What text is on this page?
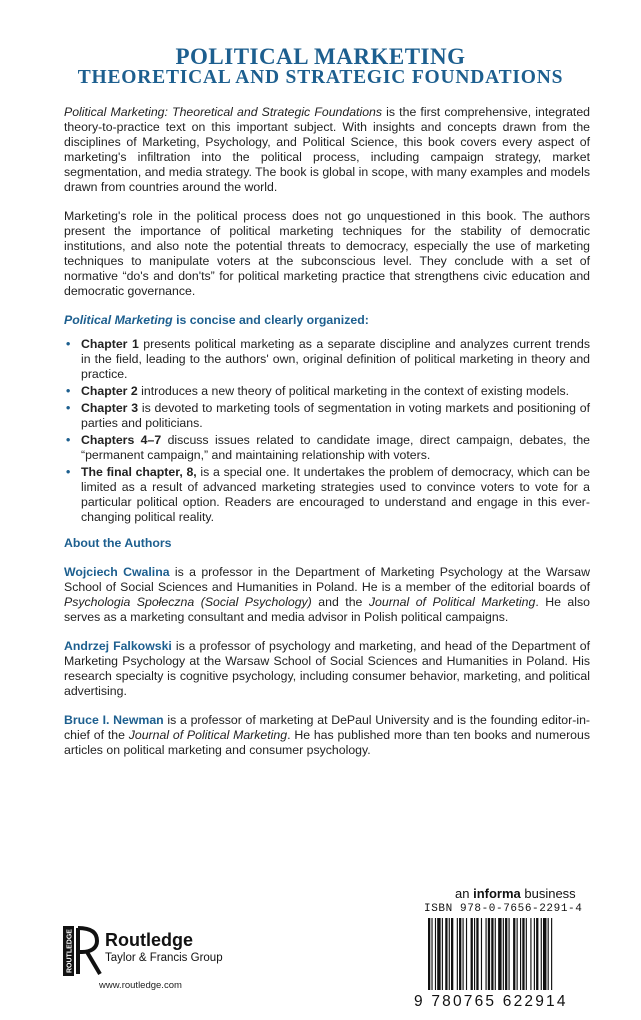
POLITICAL MARKETING
THEORETICAL AND STRATEGIC FOUNDATIONS

Political Marketing: Theoretical and Strategic Foundations is the first comprehensive, integrated theory-to-practice text on this important subject. With insights and concepts drawn from the disciplines of Marketing, Psychology, and Political Science, this book covers every aspect of marketing's infiltration into the political process, including campaign strategy, market segmentation, and media strategy. The book is global in scope, with many examples and models drawn from countries around the world.

Marketing's role in the political process does not go unquestioned in this book. The authors present the importance of political marketing techniques for the stability of democratic institutions, and also note the potential threats to democracy, especially the use of marketing techniques to manipulate voters at the subconscious level. They conclude with a set of normative “do's and don'ts” for political marketing practice that strengthens civic education and democratic governance.

Political Marketing is concise and clearly organized:

• Chapter 1 presents political marketing as a separate discipline and analyzes current trends in the field, leading to the authors' own, original definition of political marketing in theory and practice.
• Chapter 2 introduces a new theory of political marketing in the context of existing models.
• Chapter 3 is devoted to marketing tools of segmentation in voting markets and positioning of parties and politicians.
• Chapters 4–7 discuss issues related to candidate image, direct campaign, debates, the “permanent campaign,” and maintaining relationship with voters.
• The final chapter, 8, is a special one. It undertakes the problem of democracy, which can be limited as a result of advanced marketing strategies used to convince voters to vote for a particular political option. Readers are encouraged to understand and engage in this ever-changing political reality.

About the Authors

Wojciech Cwalina is a professor in the Department of Marketing Psychology at the Warsaw School of Social Sciences and Humanities in Poland. He is a member of the editorial boards of Psychologia Społeczna (Social Psychology) and the Journal of Political Marketing. He also serves as a marketing consultant and media advisor in Polish political campaigns.

Andrzej Falkowski is a professor of psychology and marketing, and head of the Department of Marketing Psychology at the Warsaw School of Social Sciences and Humanities in Poland. His research specialty is cognitive psychology, including consumer behavior, marketing, and political advertising.

Bruce I. Newman is a professor of marketing at DePaul University and is the founding editor-in-chief of the Journal of Political Marketing. He has published more than ten books and numerous articles on political marketing and consumer psychology.

an informa business
ISBN 978-0-7656-2291-4
9 780765 622914
ROUTLEDGE Routledge
Taylor & Francis Group
www.routledge.com
